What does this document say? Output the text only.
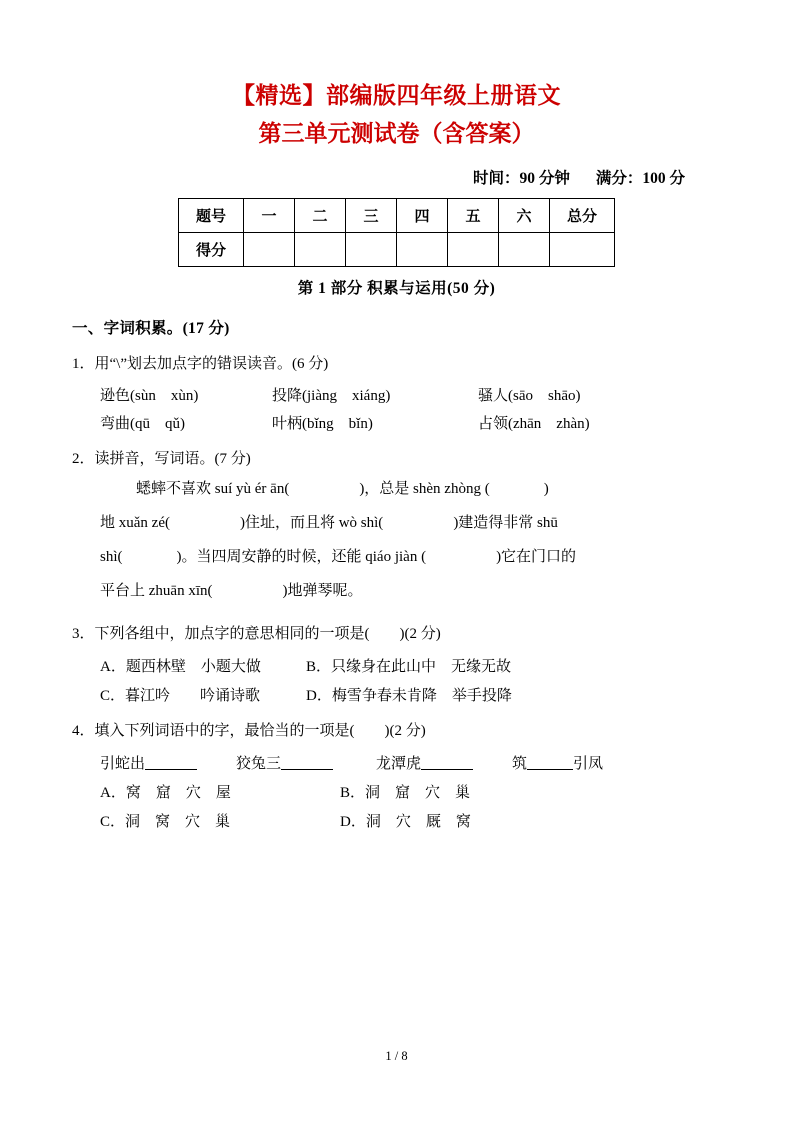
【精选】部编版四年级上册语文
第三单元测试卷（含答案）
时间：90 分钟 满分：100 分
题号	一	二	三	四	五	六	总分
得分							
第 1 部分 积累与运用(50 分)
一、字词积累。(17 分)
1．用“\”划去加点字的错误读音。(6 分)
逊色(sùn　xùn)	投降(jiàng　xiáng)	骚人(sāo　shāo)
弯曲(qū　qǔ)	叶柄(bǐng　bǐn)	占领(zhān　zhàn)
2．读拼音，写词语。(7 分)
蟋蟀不喜欢 suí yù ér ān(	)，总是 shèn zhòng (	)
地 xuǎn zé(	)住址，而且将 wò shì(	)建造得非常 shū
shì(	)。当四周安静的时候，还能 qiáo jiàn (	)它在门口的
平台上 zhuān xīn(	)地弹琴呢。
3．下列各组中，加点字的意思相同的一项是(　　)(2 分)
A．题西林壁　小题大做	B．只缘身在此山中　无缘无故
C．暮江吟　　吟诵诗歌	D．梅雪争春未肯降　举手投降
4．填入下列词语中的字，最恰当的一项是(　　)(2 分)
引蛇出	狡兔三	龙潭虎	筑	引凤
A．窝　窟　穴　屋	B．洞　窟　穴　巢
C．洞　窝　穴　巢	D．洞　穴　厩　窝
1 / 8
